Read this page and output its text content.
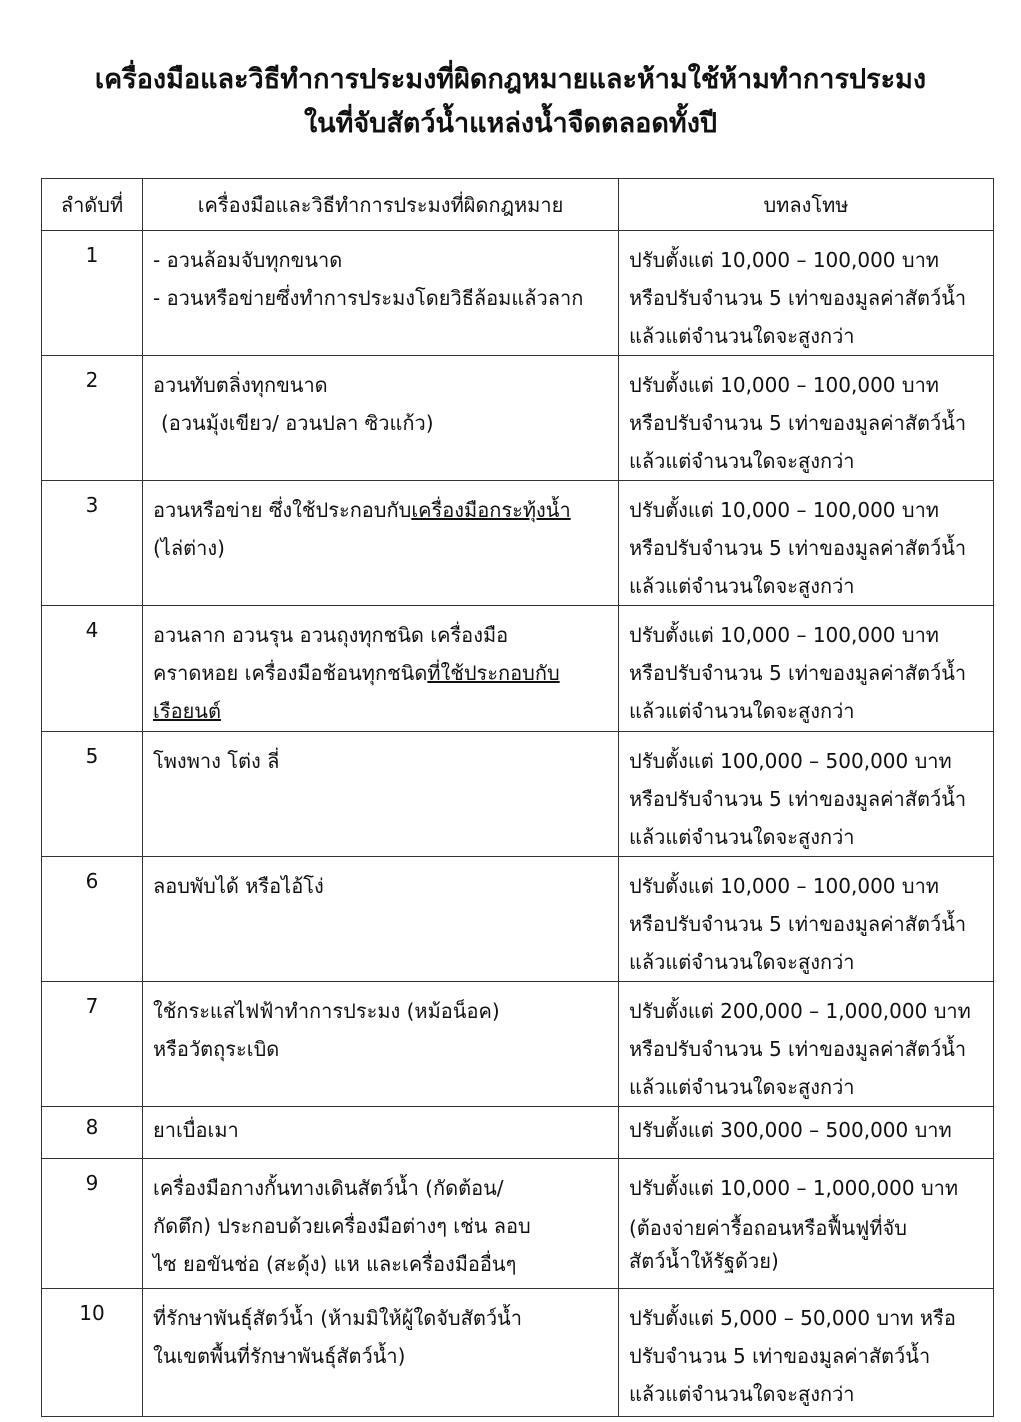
เครื่องมือและวิธีทำการประมงที่ผิดกฎหมายและห้ามใช้ห้ามทำการประมง
ในที่จับสัตว์น้ำแหล่งน้ำจืดตลอดทั้งปี
ลำดับที่	เครื่องมือและวิธีทำการประมงที่ผิดกฎหมาย	บทลงโทษ
1	- อวนล้อมจับทุกขนาด
- อวนหรือข่ายซึ่งทำการประมงโดยวิธีล้อมแล้วลาก	ปรับตั้งแต่ 10,000 – 100,000 บาท
หรือปรับจำนวน 5 เท่าของมูลค่าสัตว์น้ำ
แล้วแต่จำนวนใดจะสูงกว่า

2	อวนทับตลิ่งทุกขนาด
(อวนมุ้งเขียว/ อวนปลา ซิวแก้ว)	ปรับตั้งแต่ 10,000 – 100,000 บาท
หรือปรับจำนวน 5 เท่าของมูลค่าสัตว์น้ำ
แล้วแต่จำนวนใดจะสูงกว่า

3	อวนหรือข่าย ซึ่งใช้ประกอบกับเครื่องมือกระทุ้งน้ำ
(ไล่ต่าง)	ปรับตั้งแต่ 10,000 – 100,000 บาท
หรือปรับจำนวน 5 เท่าของมูลค่าสัตว์น้ำ
แล้วแต่จำนวนใดจะสูงกว่า

4	อวนลาก อวนรุน อวนถุงทุกชนิด เครื่องมือ
คราดหอย เครื่องมือช้อนทุกชนิดที่ใช้ประกอบกับ
เรือยนต์	ปรับตั้งแต่ 10,000 – 100,000 บาท
หรือปรับจำนวน 5 เท่าของมูลค่าสัตว์น้ำ
แล้วแต่จำนวนใดจะสูงกว่า

5	โพงพาง โต่ง ลี่	ปรับตั้งแต่ 100,000 – 500,000 บาท
หรือปรับจำนวน 5 เท่าของมูลค่าสัตว์น้ำ
แล้วแต่จำนวนใดจะสูงกว่า

6	ลอบพับได้ หรือไอ้โง่	ปรับตั้งแต่ 10,000 – 100,000 บาท
หรือปรับจำนวน 5 เท่าของมูลค่าสัตว์น้ำ
แล้วแต่จำนวนใดจะสูงกว่า

7	ใช้กระแสไฟฟ้าทำการประมง (หม้อน็อค)
หรือวัตถุระเบิด	ปรับตั้งแต่ 200,000 – 1,000,000 บาท
หรือปรับจำนวน 5 เท่าของมูลค่าสัตว์น้ำ
แล้วแต่จำนวนใดจะสูงกว่า

8	ยาเบื่อเมา	ปรับตั้งแต่ 300,000 – 500,000 บาท

9	เครื่องมือกางกั้นทางเดินสัตว์น้ำ (กัดต้อน/
กัดตึก) ประกอบด้วยเครื่องมือต่างๆ เช่น ลอบ
ไซ ยอขันช่อ (สะดุ้ง) แห และเครื่องมืออื่นๆ	ปรับตั้งแต่ 10,000 – 1,000,000 บาท
(ต้องจ่ายค่ารื้อถอนหรือฟื้นฟูที่จับ
สัตว์น้ำให้รัฐด้วย)

10	ที่รักษาพันธุ์สัตว์น้ำ (ห้ามมิให้ผู้ใดจับสัตว์น้ำ
ในเขตพื้นที่รักษาพันธุ์สัตว์น้ำ)	ปรับตั้งแต่ 5,000 – 50,000 บาท หรือ
ปรับจำนวน 5 เท่าของมูลค่าสัตว์น้ำ
แล้วแต่จำนวนใดจะสูงกว่า
